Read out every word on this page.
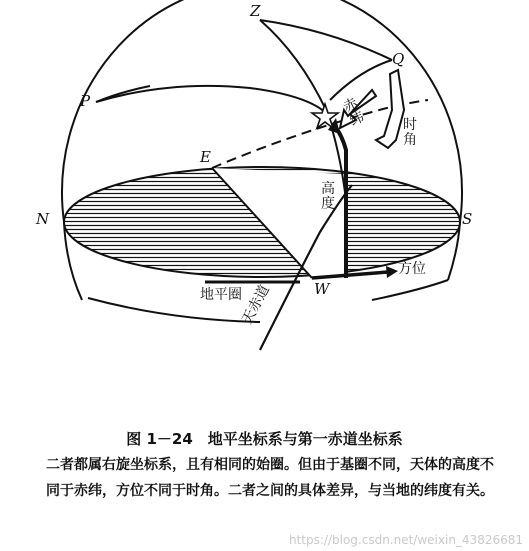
Z
P
Q
E
N	S
W
高度
方位
地平圈
天赤道
赤纬	时角
图 1－24　地平坐标系与第一赤道坐标系
二者都属右旋坐标系，且有相同的始圈。但由于基圈不同，天体的高度不同于赤纬，方位不同于时角。二者之间的具体差异，与当地的纬度有关。
https://blog.csdn.net/weixin_43826681
